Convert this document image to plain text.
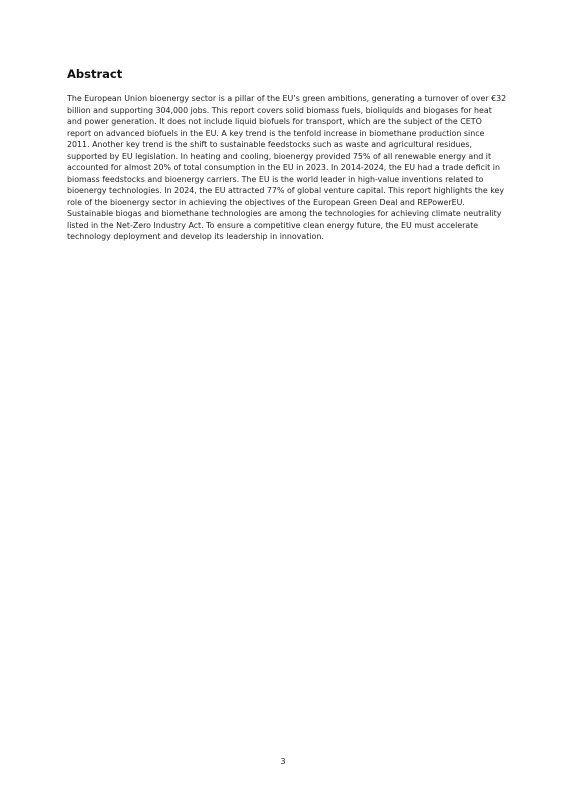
Abstract

The European Union bioenergy sector is a pillar of the EU’s green ambitions, generating a turnover of over €32 billion and supporting 304,000 jobs. This report covers solid biomass fuels, bioliquids and biogases for heat and power generation. It does not include liquid biofuels for transport, which are the subject of the CETO report on advanced biofuels in the EU. A key trend is the tenfold increase in biomethane production since 2011. Another key trend is the shift to sustainable feedstocks such as waste and agricultural residues, supported by EU legislation. In heating and cooling, bioenergy provided 75% of all renewable energy and it accounted for almost 20% of total consumption in the EU in 2023. In 2014-2024, the EU had a trade deficit in biomass feedstocks and bioenergy carriers. The EU is the world leader in high-value inventions related to bioenergy technologies. In 2024, the EU attracted 77% of global venture capital. This report highlights the key role of the bioenergy sector in achieving the objectives of the European Green Deal and REPowerEU. Sustainable biogas and biomethane technologies are among the technologies for achieving climate neutrality listed in the Net-Zero Industry Act. To ensure a competitive clean energy future, the EU must accelerate technology deployment and develop its leadership in innovation.

3
